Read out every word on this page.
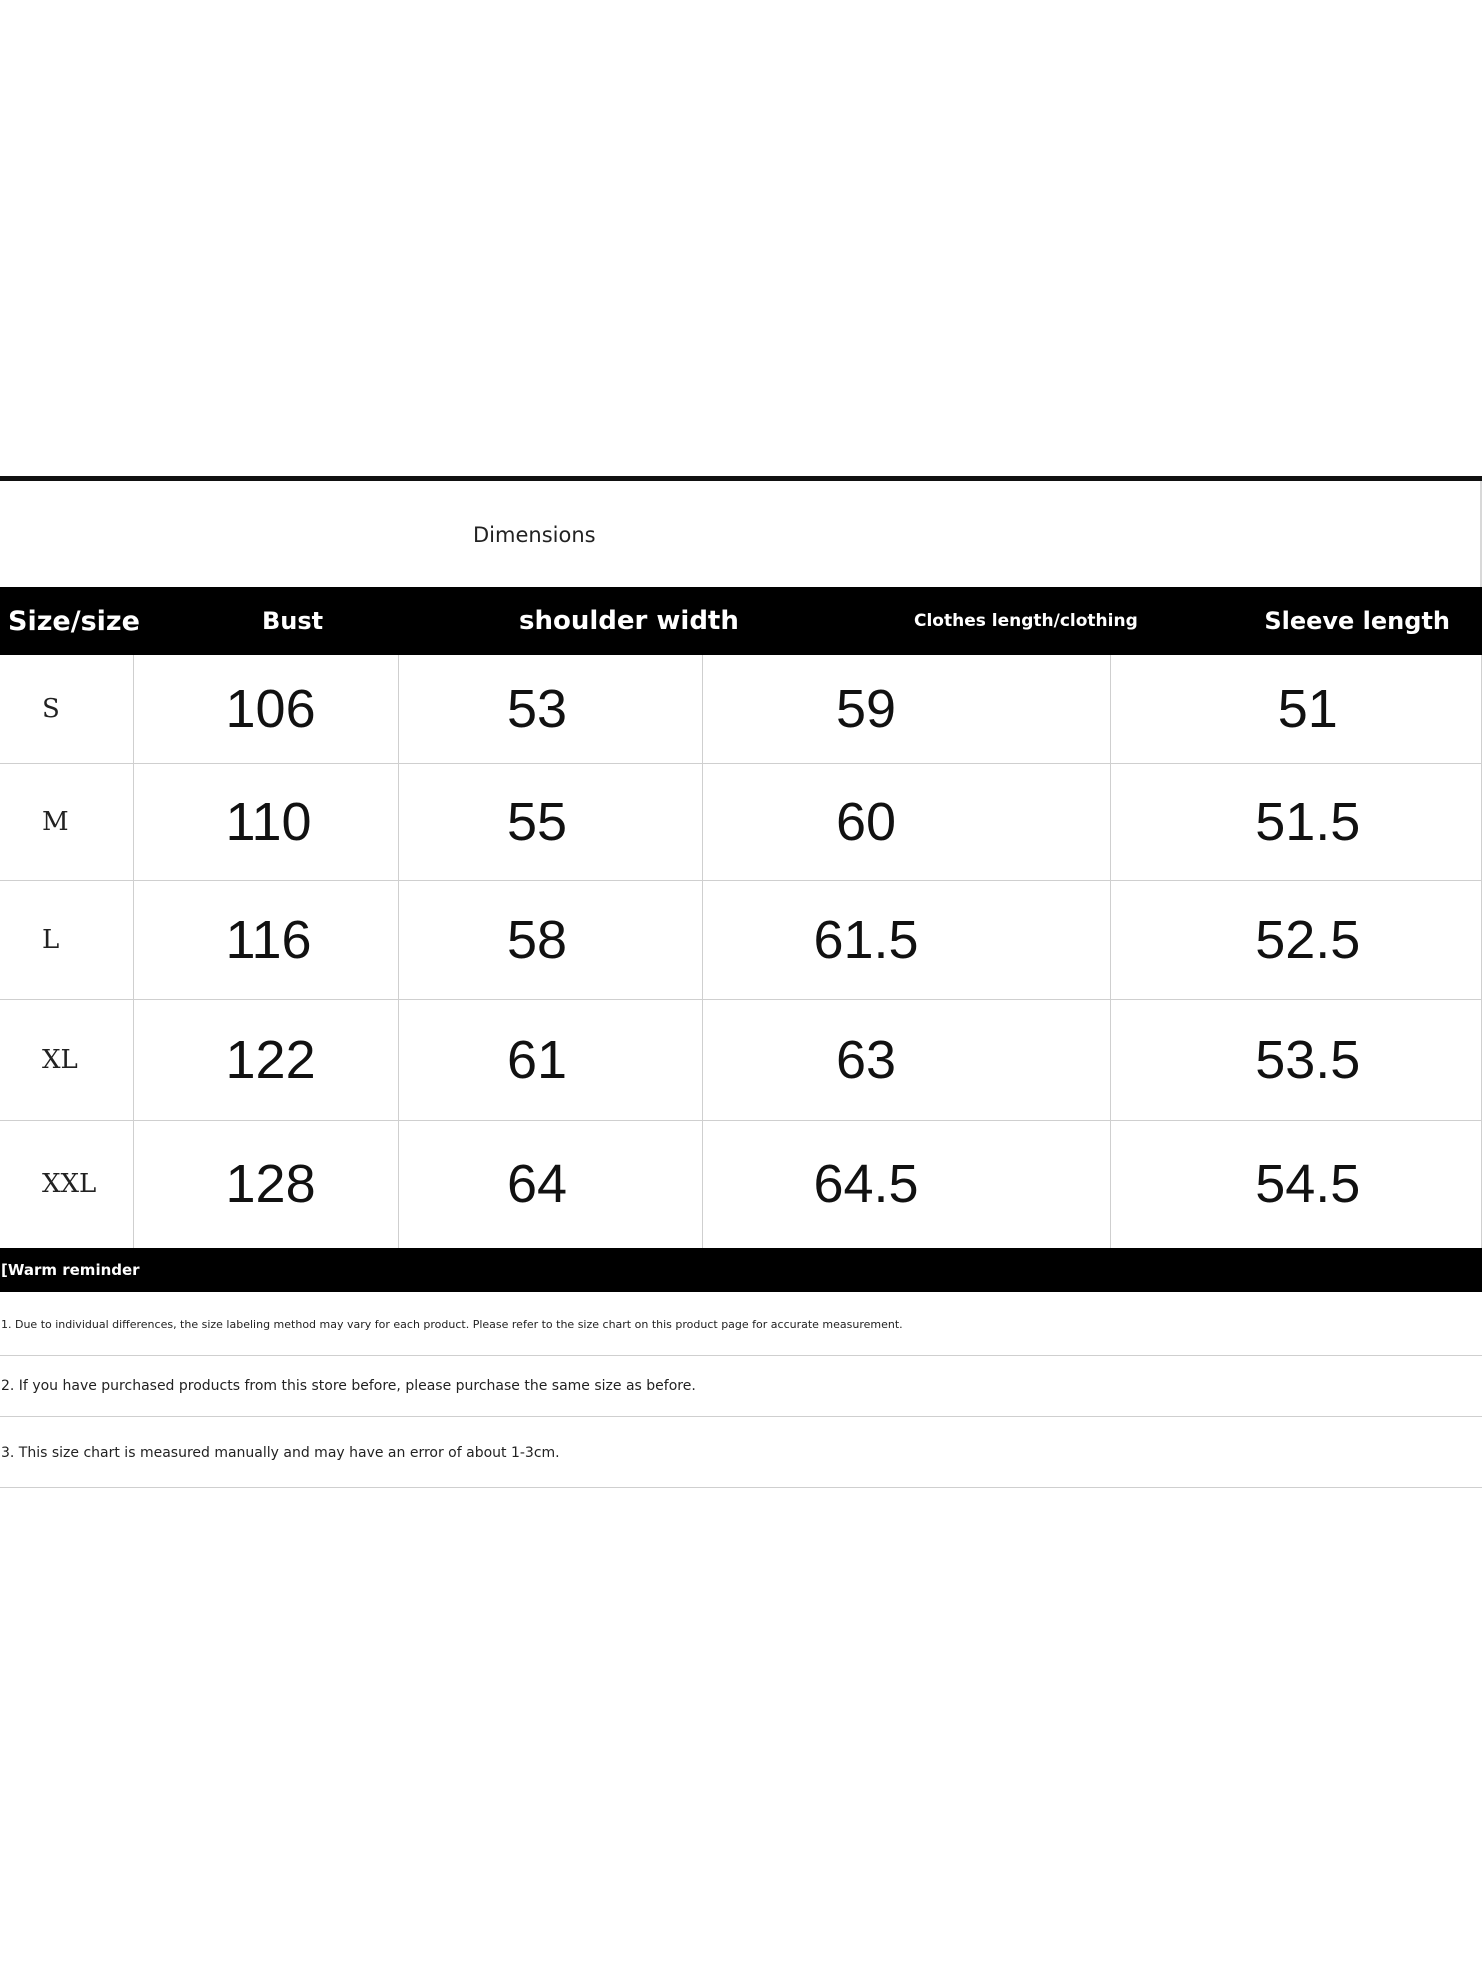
Dimensions
Size/size	Bust	shoulder width	Clothes length/clothing	Sleeve length
S	106	53	59	51
M	110	55	60	51.5
L	116	58	61.5	52.5
XL	122	61	63	53.5
XXL	128	64	64.5	54.5
[Warm reminder
1. Due to individual differences, the size labeling method may vary for each product. Please refer to the size chart on this product page for accurate measurement.
2. If you have purchased products from this store before, please purchase the same size as before.
3. This size chart is measured manually and may have an error of about 1-3cm.
